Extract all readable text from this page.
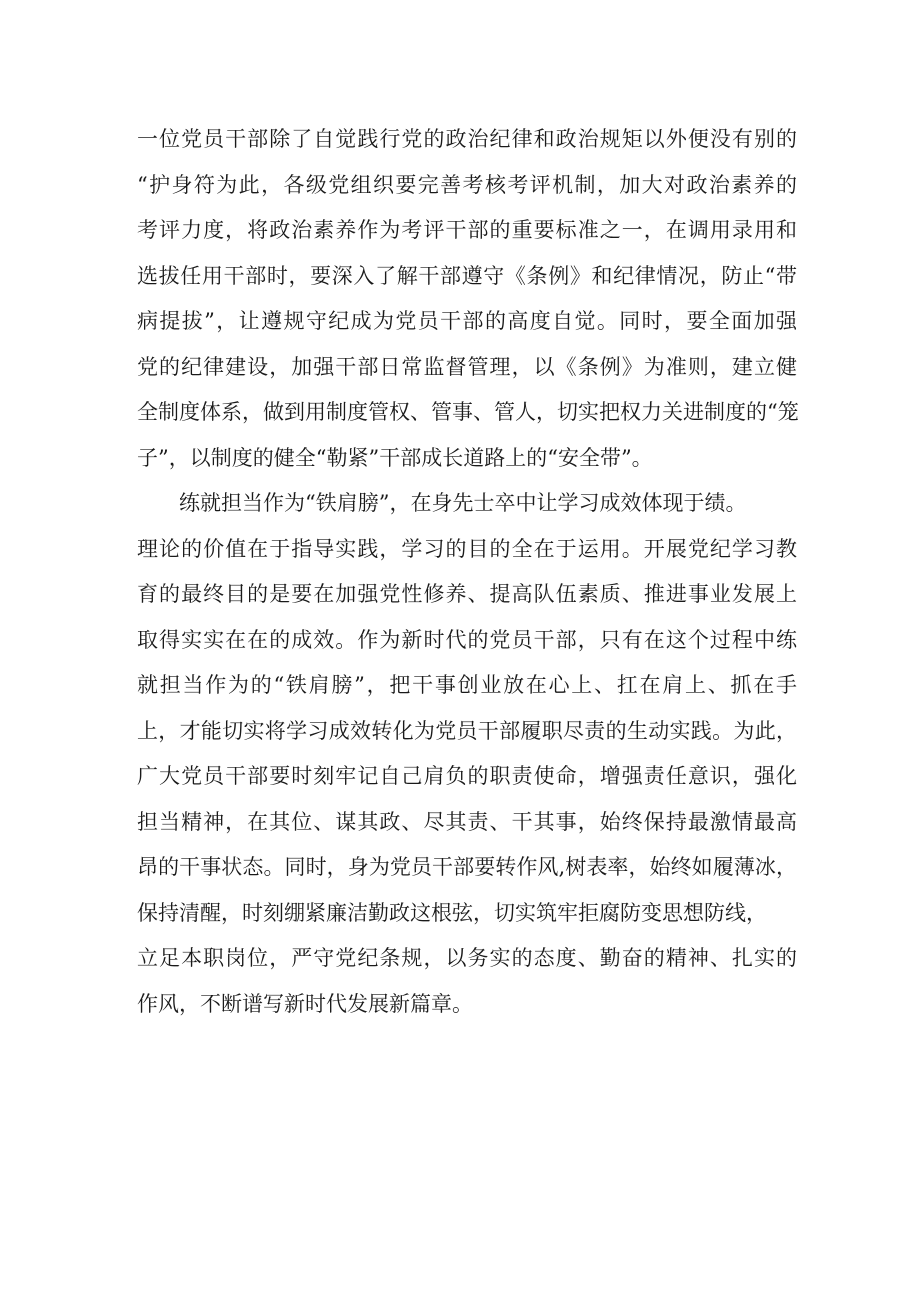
一位党员干部除了自觉践行党的政治纪律和政治规矩以外便没有别的
“护身符为此，各级党组织要完善考核考评机制，加大对政治素养的
考评力度，将政治素养作为考评干部的重要标准之一，在调用录用和
选拔任用干部时，要深入了解干部遵守《条例》和纪律情况，防止“带
病提拔”，让遵规守纪成为党员干部的高度自觉。同时，要全面加强
党的纪律建设，加强干部日常监督管理，以《条例》为准则，建立健
全制度体系，做到用制度管权、管事、管人，切实把权力关进制度的“笼
子”，以制度的健全“勒紧”干部成长道路上的“安全带”。
　　练就担当作为“铁肩膀”，在身先士卒中让学习成效体现于绩。
理论的价值在于指导实践，学习的目的全在于运用。开展党纪学习教
育的最终目的是要在加强党性修养、提高队伍素质、推进事业发展上
取得实实在在的成效。作为新时代的党员干部，只有在这个过程中练
就担当作为的“铁肩膀”，把干事创业放在心上、扛在肩上、抓在手
上，才能切实将学习成效转化为党员干部履职尽责的生动实践。为此，
广大党员干部要时刻牢记自己肩负的职责使命，增强责任意识，强化
担当精神，在其位、谋其政、尽其责、干其事，始终保持最激情最高
昂的干事状态。同时，身为党员干部要转作风,树表率，始终如履薄冰，
保持清醒，时刻绷紧廉洁勤政这根弦，切实筑牢拒腐防变思想防线，
立足本职岗位，严守党纪条规，以务实的态度、勤奋的精神、扎实的
作风，不断谱写新时代发展新篇章。
